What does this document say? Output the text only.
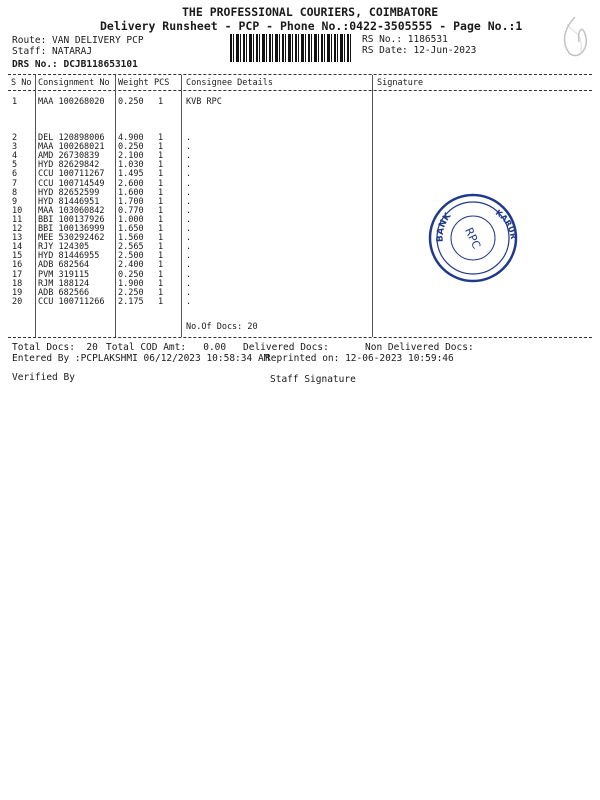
THE PROFESSIONAL COURIERS, COIMBATORE
Delivery Runsheet - PCP - Phone No.:0422-3505555 - Page No.:1
Route: VAN DELIVERY PCP
Staff: NATARAJ
DRS No.: DCJB118653101
RS No.: 1186531
RS Date: 12-Jun-2023
S No Consignment No Weight PCS Consignee Details	Signature
1 MAA 100268020 0.250 1	KVB RPC
2 DEL 120898006 4.900 1	.
3 MAA 100268021 0.250 1	.
4 AMD 26730839 2.100 1	.
5 HYD 82629842 1.030 1	.
6 CCU 100711267 1.495 1	.
7 CCU 100714549 2.600 1	.
8 HYD 82652599 1.600 1	.
9 HYD 81446951 1.700 1	.
10 MAA 103060842 0.770 1	.
11 BBI 100137926 1.000 1	.
12 BBI 100136999 1.650 1	.
13 MEE 530292462 1.560 1	.
14 RJY 124305	2.565 1	.
15 HYD 81446955 2.500 1	.
16 ADB 682564	2.400 1	.
17 PVM 319115	0.250 1	.
18 RJM 188124	1.900 1	.
19 ADB 682566	2.250 1	.
20 CCU 100711266 2.175 1	.
No.Of Docs: 20
Total Docs:  20 Total COD Amt:   0.00 Delivered Docs:	Non Delivered Docs:
Entered By :PCPLAKSHMI 06/12/2023 10:58:34 AM
Reprinted on: 12-06-2023 10:59:46
Verified By	Staff Signature
BANK	KARUR
RPC
